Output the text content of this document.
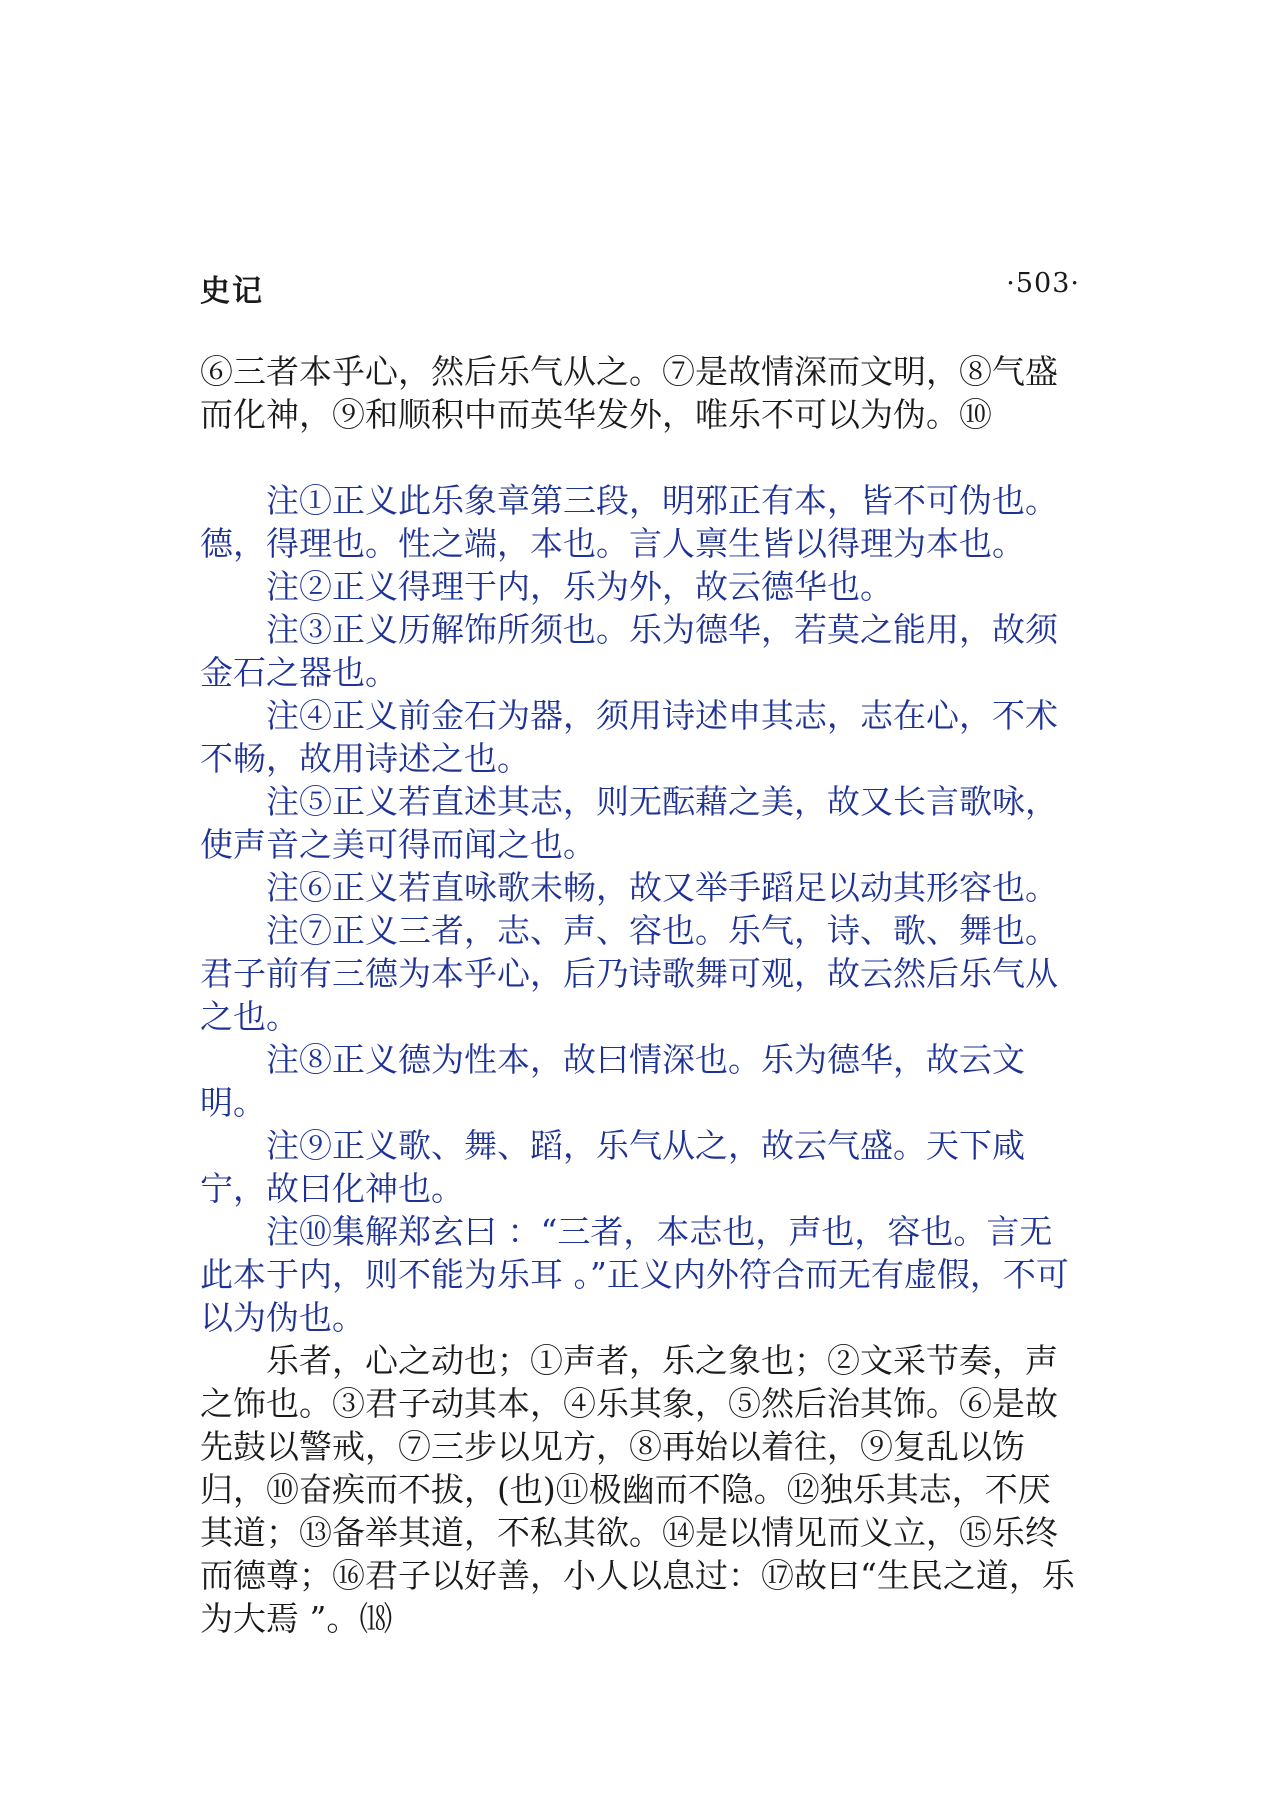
史记	·503·

⑥三者本乎心，然后乐气从之。⑦是故情深而文明，⑧气盛而化神，⑨和顺积中而英华发外，唯乐不可以为伪。⑩

注①正义此乐象章第三段，明邪正有本，皆不可伪也。德，得理也。性之端，本也。言人禀生皆以得理为本也。

注②正义得理于内，乐为外，故云德华也。

注③正义历解饰所须也。乐为德华，若莫之能用，故须金石之器也。

注④正义前金石为器，须用诗述申其志，志在心，不术不畅，故用诗述之也。

注⑤正义若直述其志，则无酝藉之美，故又长言歌咏，使声音之美可得而闻之也。

注⑥正义若直咏歌未畅，故又举手蹈足以动其形容也。

注⑦正义三者，志、声、容也。乐气，诗、歌、舞也。君子前有三德为本乎心，后乃诗歌舞可观，故云然后乐气从之也。

注⑧正义德为性本，故曰情深也。乐为德华，故云文明。

注⑨正义歌、舞、蹈，乐气从之，故云气盛。天下咸宁，故曰化神也。

注⑩集解郑玄曰 ：“三者，本志也，声也，容也。言无此本于内，则不能为乐耳 。”正义内外符合而无有虚假，不可以为伪也。

乐者，心之动也；①声者，乐之象也；②文采节奏，声之饰也。③君子动其本，④乐其象，⑤然后治其饰。⑥是故先鼓以警戒，⑦三步以见方，⑧再始以着往，⑨复乱以饬归，⑩奋疾而不拔，(也)⑪极幽而不隐。⑫独乐其志，不厌其道；⑬备举其道，不私其欲。⑭是以情见而义立，⑮乐终而德尊；⑯君子以好善，小人以息过：⑰故曰“生民之道，乐为大焉 ”。⒅
